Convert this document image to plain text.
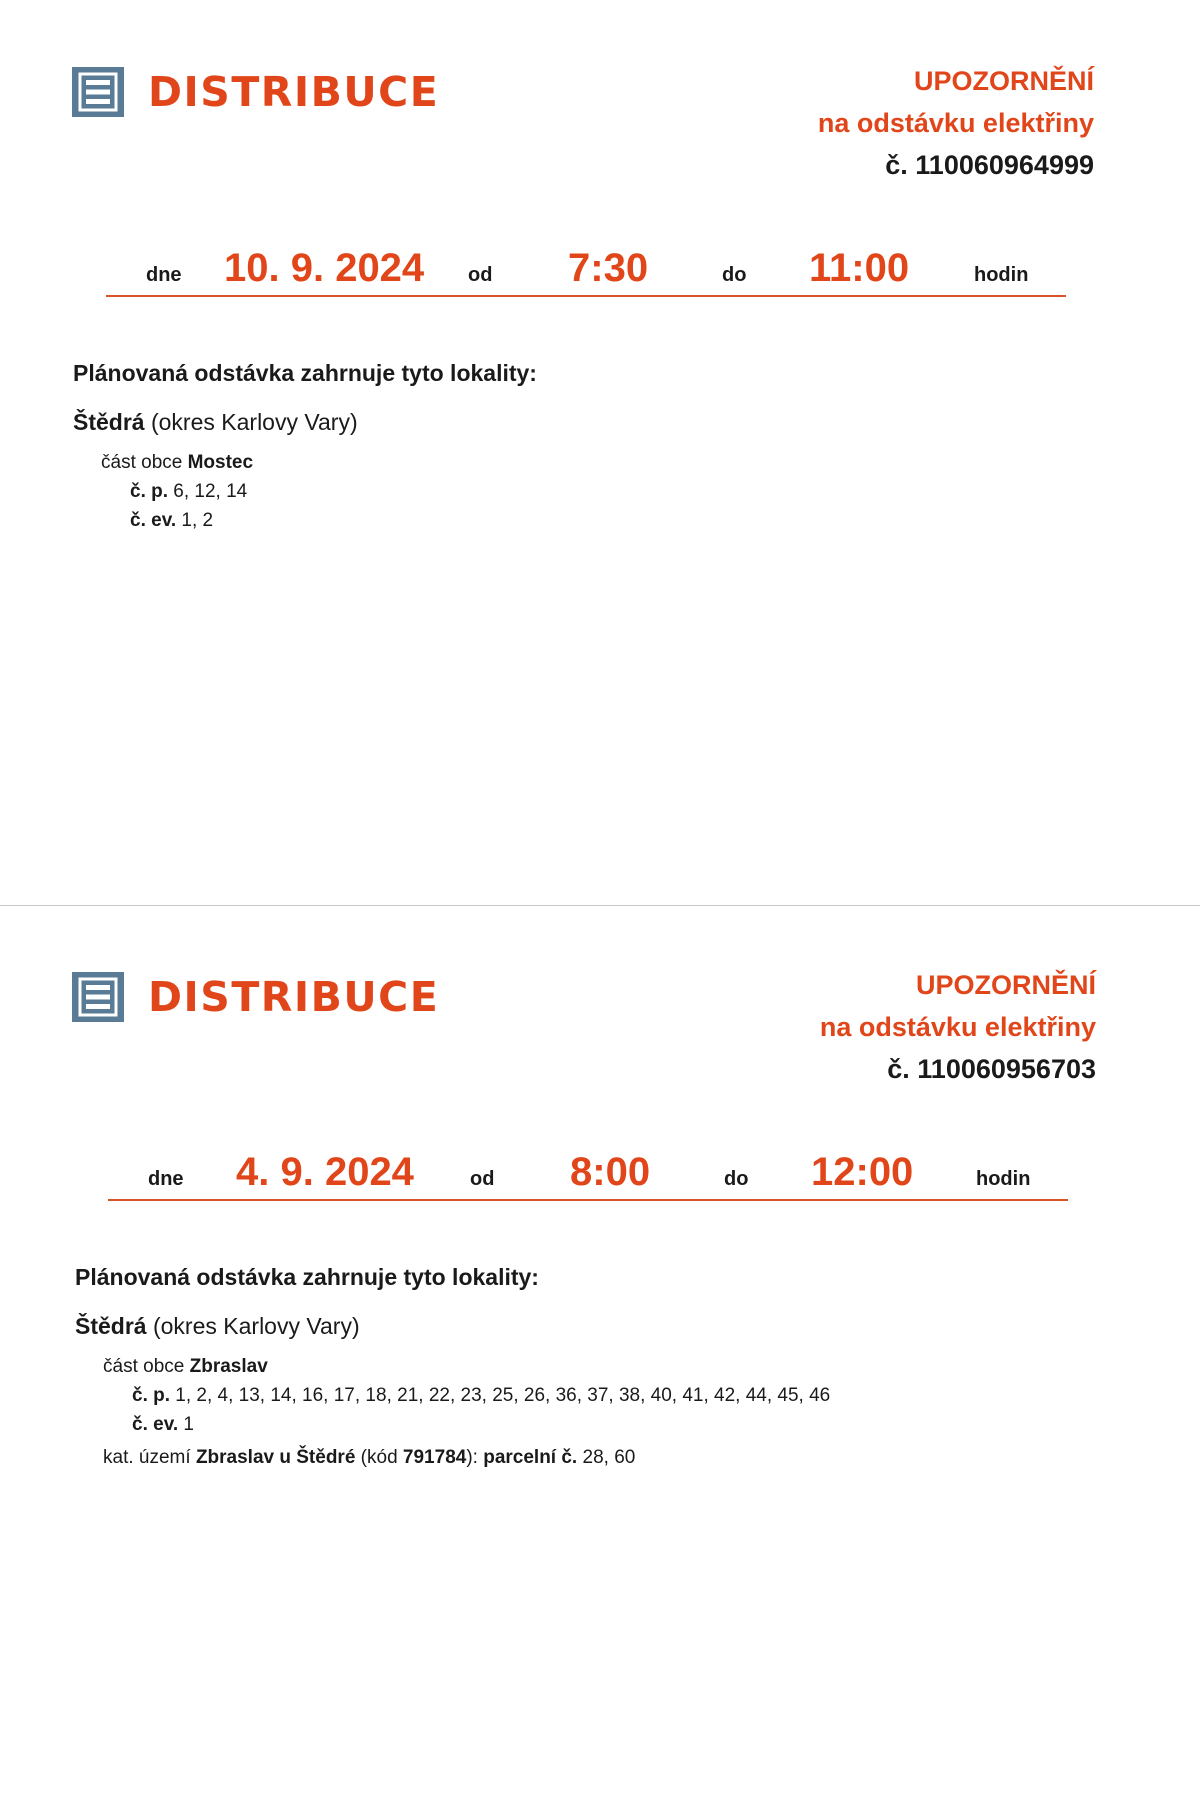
DISTRIBUCE	UPOZORNĚNÍ
na odstávku elektřiny
č. 110060964999
dne 10. 9. 2024 od 7:30	do 11:00	hodin

Plánovaná odstávka zahrnuje tyto lokality:

Štědrá (okres Karlovy Vary)

část obce Mostec
č. p. 6, 12, 14
č. ev. 1, 2
DISTRIBUCE	UPOZORNĚNÍ
na odstávku elektřiny
č. 110060956703
dne 4. 9. 2024	od 8:00	do 12:00	hodin

Plánovaná odstávka zahrnuje tyto lokality:

Štědrá (okres Karlovy Vary)

část obce Zbraslav
č. p. 1, 2, 4, 13, 14, 16, 17, 18, 21, 22, 23, 25, 26, 36, 37, 38, 40, 41, 42, 44, 45, 46
č. ev. 1
kat. území Zbraslav u Štědré (kód 791784): parcelní č. 28, 60
